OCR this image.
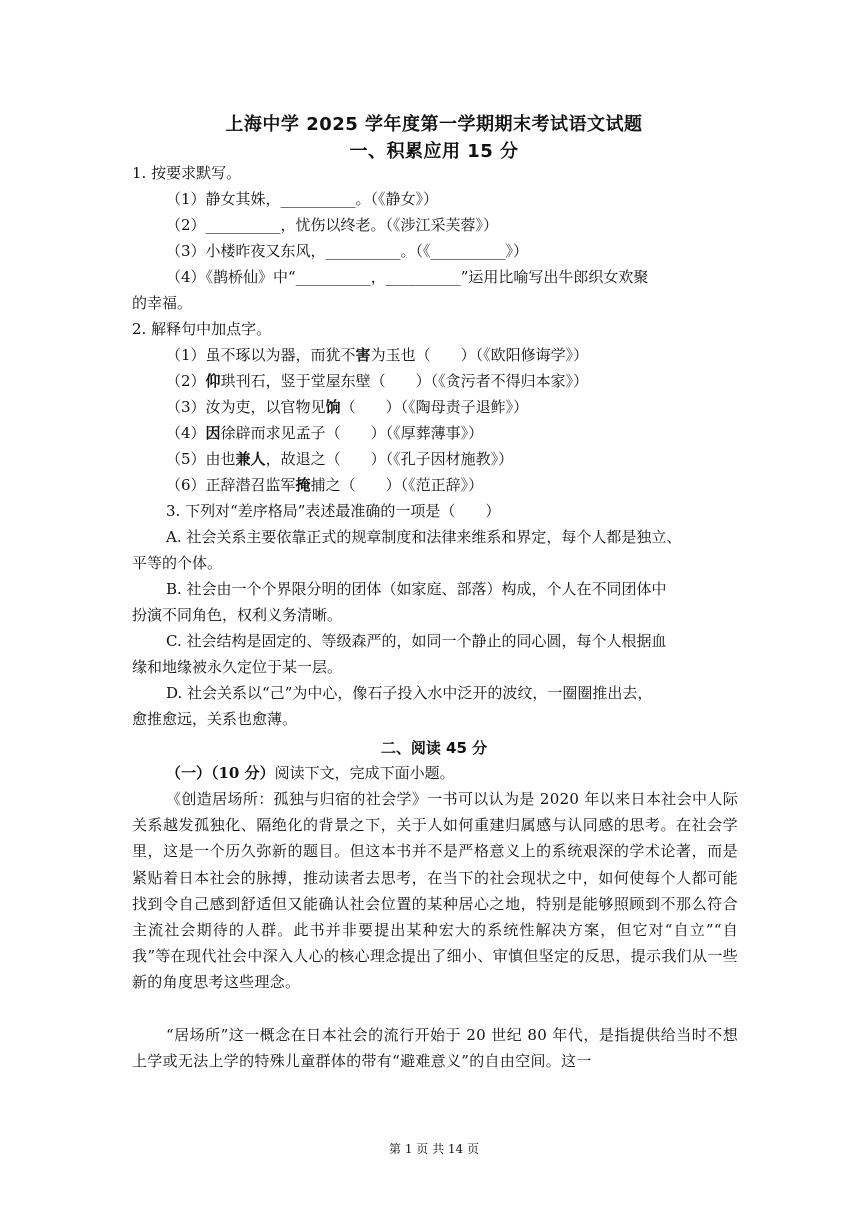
上海中学 2025 学年度第一学期期末考试语文试题
一、积累应用 15 分
1. 按要求默写。
（1）静女其姝，__________。（《静女》）
（2）__________，忧伤以终老。（《涉江采芙蓉》）
（3）小楼昨夜又东风，__________。（《__________》）
（4）《鹊桥仙》中“__________，__________”运用比喻写出牛郎织女欢聚
的幸福。
2. 解释句中加点字。
（1）虽不琢以为器，而犹不害为玉也（　　）（《欧阳修诲学》）
（2）仰珙刊石，竖于堂屋东壁（　　）（《贪污者不得归本家》）
（3）汝为吏，以官物见饷（　　）（《陶母责子退鲊》）
（4）因徐辟而求见孟子（　　）（《厚葬薄事》）
（5）由也兼人，故退之（　　）（《孔子因材施教》）
（6）正辞潜召监军掩捕之（　　）（《范正辞》）
3. 下列对“差序格局”表述最准确的一项是（　　）
A. 社会关系主要依靠正式的规章制度和法律来维系和界定，每个人都是独立、
平等的个体。
B. 社会由一个个界限分明的团体（如家庭、部落）构成，个人在不同团体中
扮演不同角色，权利义务清晰。
C. 社会结构是固定的、等级森严的，如同一个静止的同心圆，每个人根据血
缘和地缘被永久定位于某一层。
D. 社会关系以“己”为中心，像石子投入水中泛开的波纹，一圈圈推出去，
愈推愈远，关系也愈薄。
二、阅读 45 分
（一）（10 分）阅读下文，完成下面小题。
《创造居场所：孤独与归宿的社会学》一书可以认为是 2020 年以来日本社会中人际关系越发孤独化、隔绝化的背景之下，关于人如何重建归属感与认同感的思考。在社会学里，这是一个历久弥新的题目。但这本书并不是严格意义上的系统艰深的学术论著，而是紧贴着日本社会的脉搏，推动读者去思考，在当下的社会现状之中，如何使每个人都可能找到令自己感到舒适但又能确认社会位置的某种居心之地，特别是能够照顾到不那么符合主流社会期待的人群。此书并非要提出某种宏大的系统性解决方案，但它对“自立”“自我”等在现代社会中深入人心的核心理念提出了细小、审慎但坚定的反思，提示我们从一些新的角度思考这些理念。
“居场所”这一概念在日本社会的流行开始于 20 世纪 80 年代，是指提供给当时不想上学或无法上学的特殊儿童群体的带有“避难意义”的自由空间。这一
第 1 页 共 14 页
